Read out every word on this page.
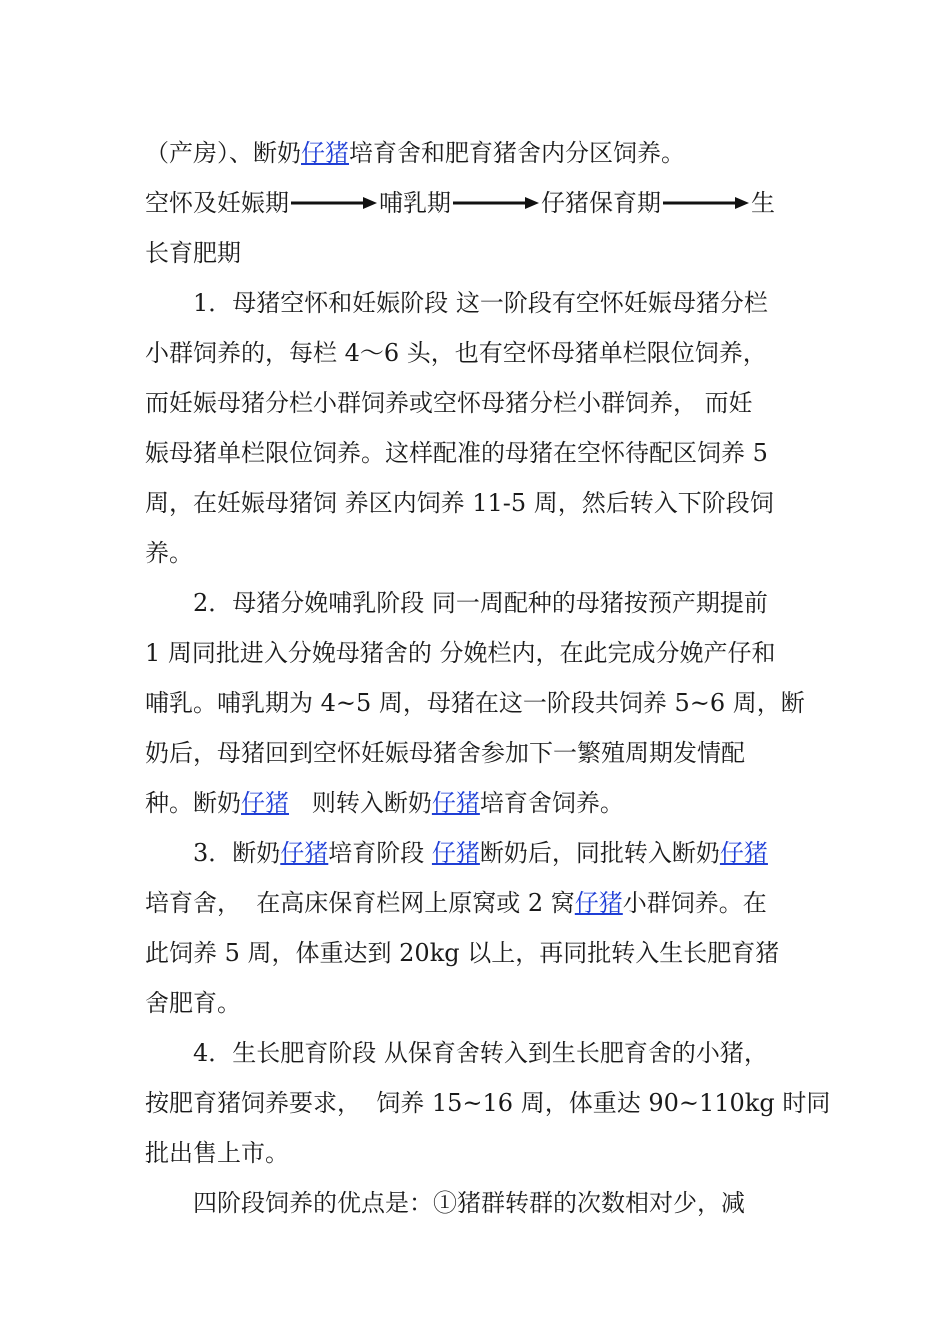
（产房）、断奶仔猪培育舍和肥育猪舍内分区饲养。
空怀及妊娠期	哺乳期	仔猪保育期	生
长育肥期
1．母猪空怀和妊娠阶段 这一阶段有空怀妊娠母猪分栏
小群饲养的，每栏 4～6 头，也有空怀母猪单栏限位饲养，
而妊娠母猪分栏小群饲养或空怀母猪分栏小群饲养， 而妊
娠母猪单栏限位饲养。这样配准的母猪在空怀待配区饲养 5
周，在妊娠母猪饲 养区内饲养 11-5 周，然后转入下阶段饲
养。
2．母猪分娩哺乳阶段 同一周配种的母猪按预产期提前
1 周同批进入分娩母猪舍的 分娩栏内，在此完成分娩产仔和
哺乳。哺乳期为 4~5 周，母猪在这一阶段共饲养 5~6 周，断
奶后，母猪回到空怀妊娠母猪舍参加下一繁殖周期发情配
种。断奶仔猪   则转入断奶仔猪培育舍饲养。
3．断奶仔猪培育阶段 仔猪断奶后，同批转入断奶仔猪
培育舍，  在高床保育栏网上原窝或 2 窝仔猪小群饲养。在
此饲养 5 周，体重达到 20kg 以上，再同批转入生长肥育猪
舍肥育。
4．生长肥育阶段 从保育舍转入到生长肥育舍的小猪，
按肥育猪饲养要求，  饲养 15~16 周，体重达 90~110kg 时同
批出售上市。
四阶段饲养的优点是：①猪群转群的次数相对少，减
